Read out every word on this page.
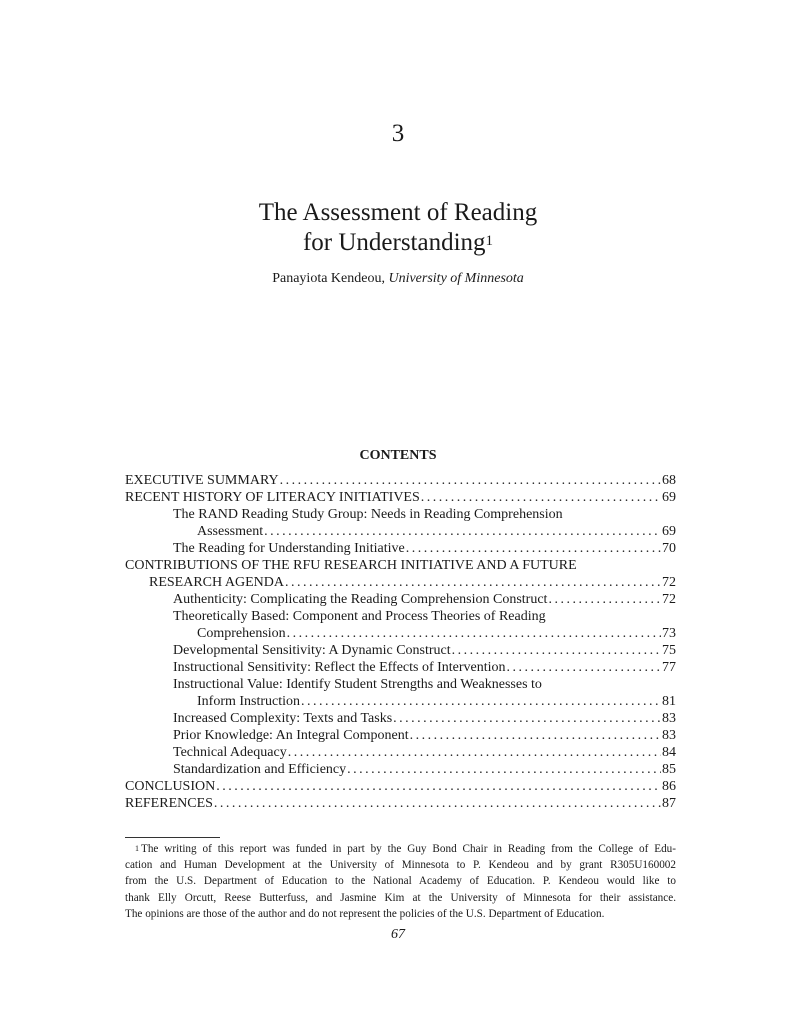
3
The Assessment of Reading
for Understanding$^1$
Panayiota Kendeou, University of Minnesota
CONTENTS
EXECUTIVE SUMMARY . . .	68
RECENT HISTORY OF LITERACY INITIATIVES . . .	69
The RAND Reading Study Group: Needs in Reading Comprehension
Assessment . . .	69
The Reading for Understanding Initiative . . .	70
CONTRIBUTIONS OF THE RFU RESEARCH INITIATIVE AND A FUTURE
RESEARCH AGENDA . . .	72
Authenticity: Complicating the Reading Comprehension Construct . . .	72
Theoretically Based: Component and Process Theories of Reading
Comprehension . . .	73
Developmental Sensitivity: A Dynamic Construct . . .	75
Instructional Sensitivity: Reflect the Effects of Intervention . . .	77
Instructional Value: Identify Student Strengths and Weaknesses to
Inform Instruction . . .	81
Increased Complexity: Texts and Tasks . . .	83
Prior Knowledge: An Integral Component . . .	83
Technical Adequacy . . .	84
Standardization and Efficiency . . .	85
CONCLUSION . . .	86
REFERENCES . . .	87
$^1$ The writing of this report was funded in part by the Guy Bond Chair in Reading from the College of Edu-
cation and Human Development at the University of Minnesota to P. Kendeou and by grant R305U160002
from the U.S. Department of Education to the National Academy of Education. P. Kendeou would like to
thank Elly Orcutt, Reese Butterfuss, and Jasmine Kim at the University of Minnesota for their assistance.
The opinions are those of the author and do not represent the policies of the U.S. Department of Education.
67
